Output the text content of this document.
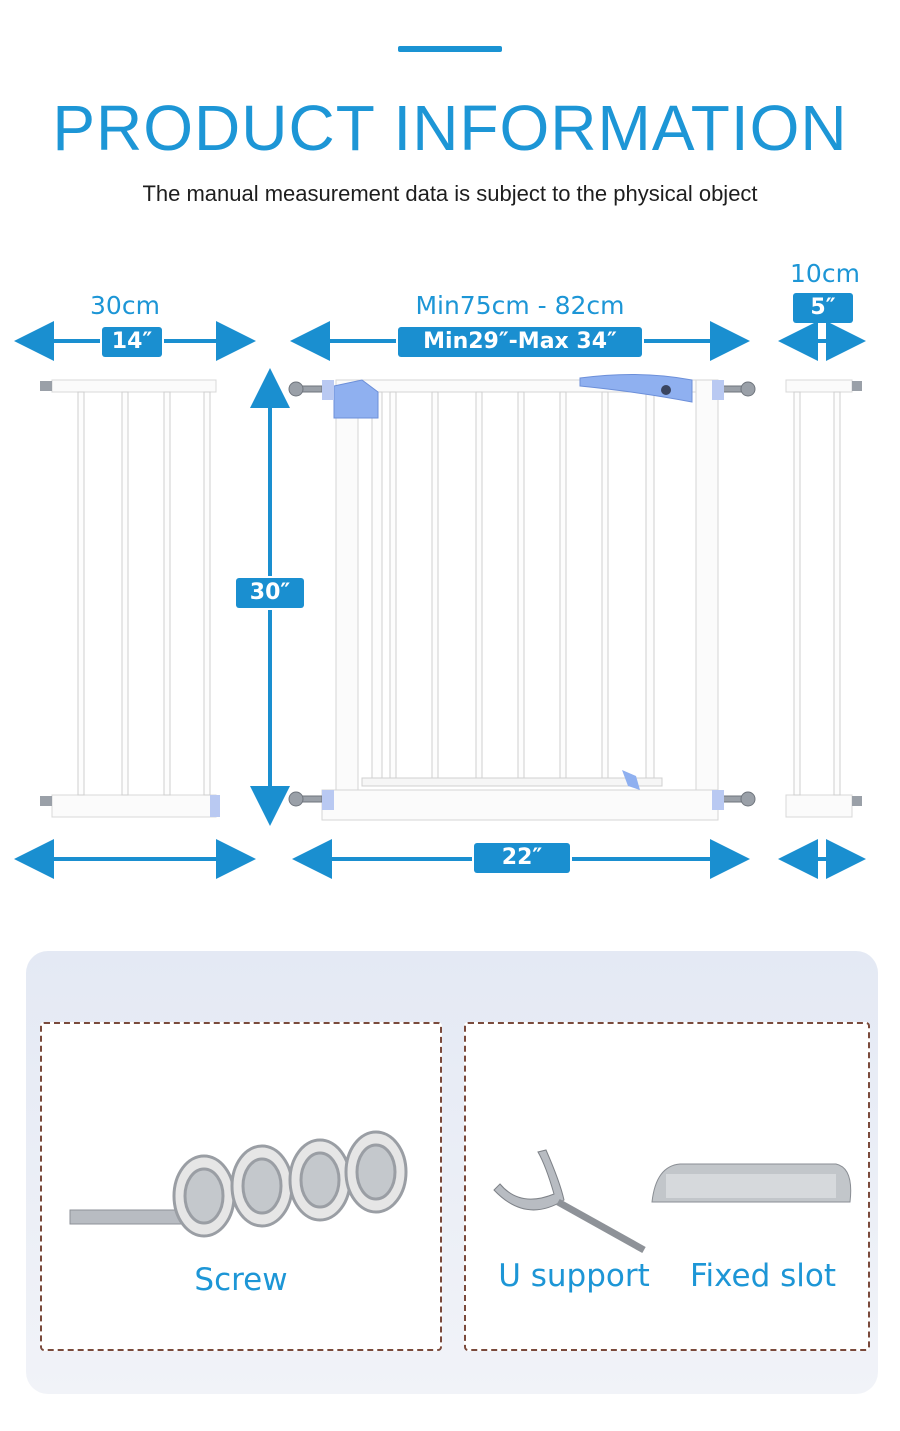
PRODUCT INFORMATION
The manual measurement data is subject to the physical object
30cm
14″
Min75cm - 82cm
Min29″-Max 34″
10cm
5″
30″
22″
Screw	U support	Fixed slot
